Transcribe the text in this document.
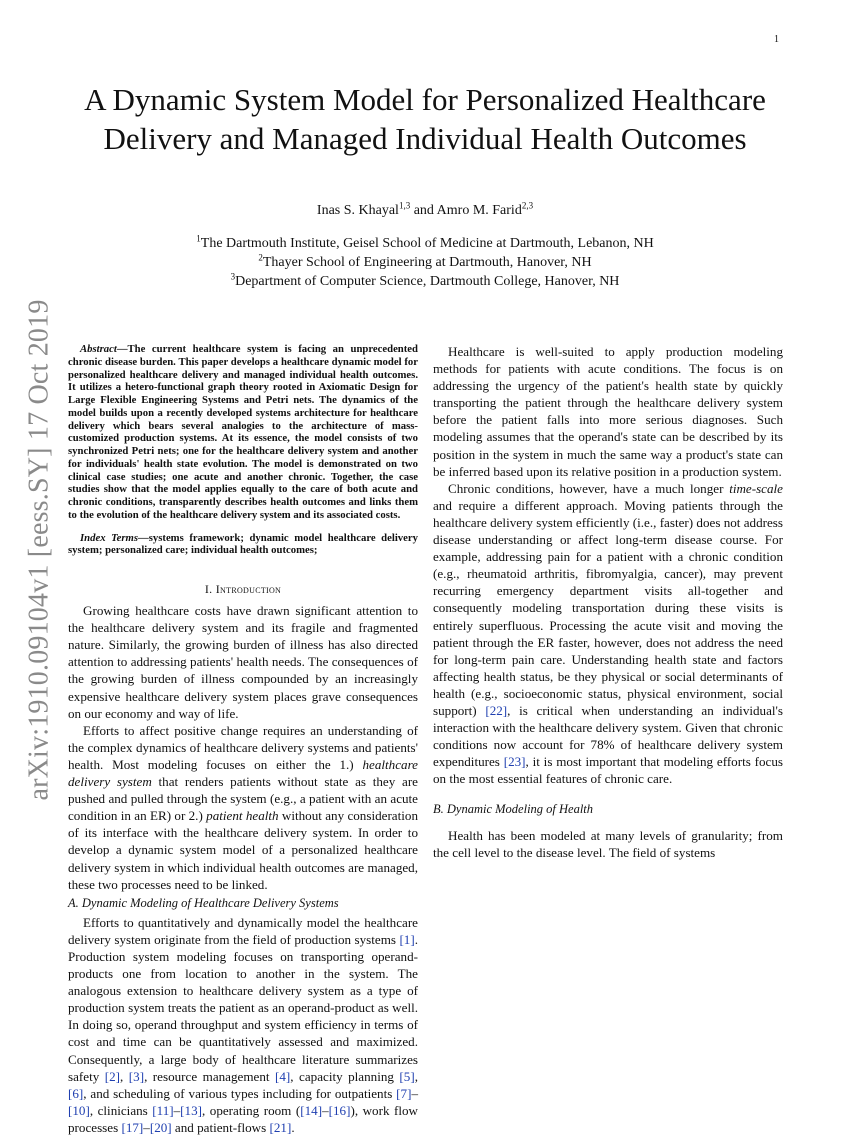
1
arXiv:1910.09104v1 [eess.SY] 17 Oct 2019
A Dynamic System Model for Personalized Healthcare Delivery and Managed Individual Health Outcomes
Inas S. Khayal$^{1,3}$ and Amro M. Farid$^{2,3}$
$^1$The Dartmouth Institute, Geisel School of Medicine at Dartmouth, Lebanon, NH
$^2$Thayer School of Engineering at Dartmouth, Hanover, NH
$^3$Department of Computer Science, Dartmouth College, Hanover, NH

Abstract—The current healthcare system is facing an unprecedented chronic disease burden. This paper develops a healthcare dynamic model for personalized healthcare delivery and managed individual health outcomes. It utilizes a hetero-functional graph theory rooted in Axiomatic Design for Large Flexible Engineering Systems and Petri nets. The dynamics of the model builds upon a recently developed systems architecture for healthcare delivery which bears several analogies to the architecture of mass-customized production systems. At its essence, the model consists of two synchronized Petri nets; one for the healthcare delivery system and another for individuals' health state evolution. The model is demonstrated on two clinical case studies; one acute and another chronic. Together, the case studies show that the model applies equally to the care of both acute and chronic conditions, transparently describes health outcomes and links them to the evolution of the healthcare delivery system and its associated costs.

Index Terms—systems framework; dynamic model healthcare delivery system; personalized care; individual health outcomes;

I. Introduction

Growing healthcare costs have drawn significant attention to the healthcare delivery system and its fragile and fragmented nature. Similarly, the growing burden of illness has also directed attention to addressing patients' health needs. The consequences of the growing burden of illness compounded by an increasingly expensive healthcare delivery system places grave consequences on our economy and way of life.

Efforts to affect positive change requires an understanding of the complex dynamics of healthcare delivery systems and patients' health. Most modeling focuses on either the 1.) healthcare delivery system that renders patients without state as they are pushed and pulled through the system (e.g., a patient with an acute condition in an ER) or 2.) patient health without any consideration of its interface with the healthcare delivery system. In order to develop a dynamic system model of a personalized healthcare delivery system in which individual health outcomes are managed, these two processes need to be linked.

A. Dynamic Modeling of Healthcare Delivery Systems

Efforts to quantitatively and dynamically model the healthcare delivery system originate from the field of production systems [1]. Production system modeling focuses on transporting operand-products one from location to another in the system. The analogous extension to healthcare delivery system as a type of production system treats the patient as an operand-product as well. In doing so, operand throughput and system efficiency in terms of cost and time can be quantitatively assessed and maximized. Consequently, a large body of healthcare literature summarizes safety [2], [3], resource management [4], capacity planning [5], [6], and scheduling of various types including for outpatients [7]–[10], clinicians [11]–[13], operating room ([14]–[16]), work flow processes [17]–[20] and patient-flows [21].

Healthcare is well-suited to apply production modeling methods for patients with acute conditions. The focus is on addressing the urgency of the patient's health state by quickly transporting the patient through the healthcare delivery system before the patient falls into more serious diagnoses. Such modeling assumes that the operand's state can be described by its position in the system in much the same way a product's state can be inferred based upon its relative position in a production system.

Chronic conditions, however, have a much longer time-scale and require a different approach. Moving patients through the healthcare delivery system efficiently (i.e., faster) does not address disease understanding or affect long-term disease course. For example, addressing pain for a patient with a chronic condition (e.g., rheumatoid arthritis, fibromyalgia, cancer), may prevent recurring emergency department visits all-together and consequently modeling transportation during these visits is entirely superfluous. Processing the acute visit and moving the patient through the ER faster, however, does not address the need for long-term pain care. Understanding health state and factors affecting health status, be they physical or social determinants of health (e.g., socioeconomic status, physical environment, social support) [22], is critical when understanding an individual's interaction with the healthcare delivery system. Given that chronic conditions now account for 78% of healthcare delivery system expenditures [23], it is most important that modeling efforts focus on the most essential features of chronic care.

B. Dynamic Modeling of Health

Health has been modeled at many levels of granularity; from the cell level to the disease level. The field of systems
